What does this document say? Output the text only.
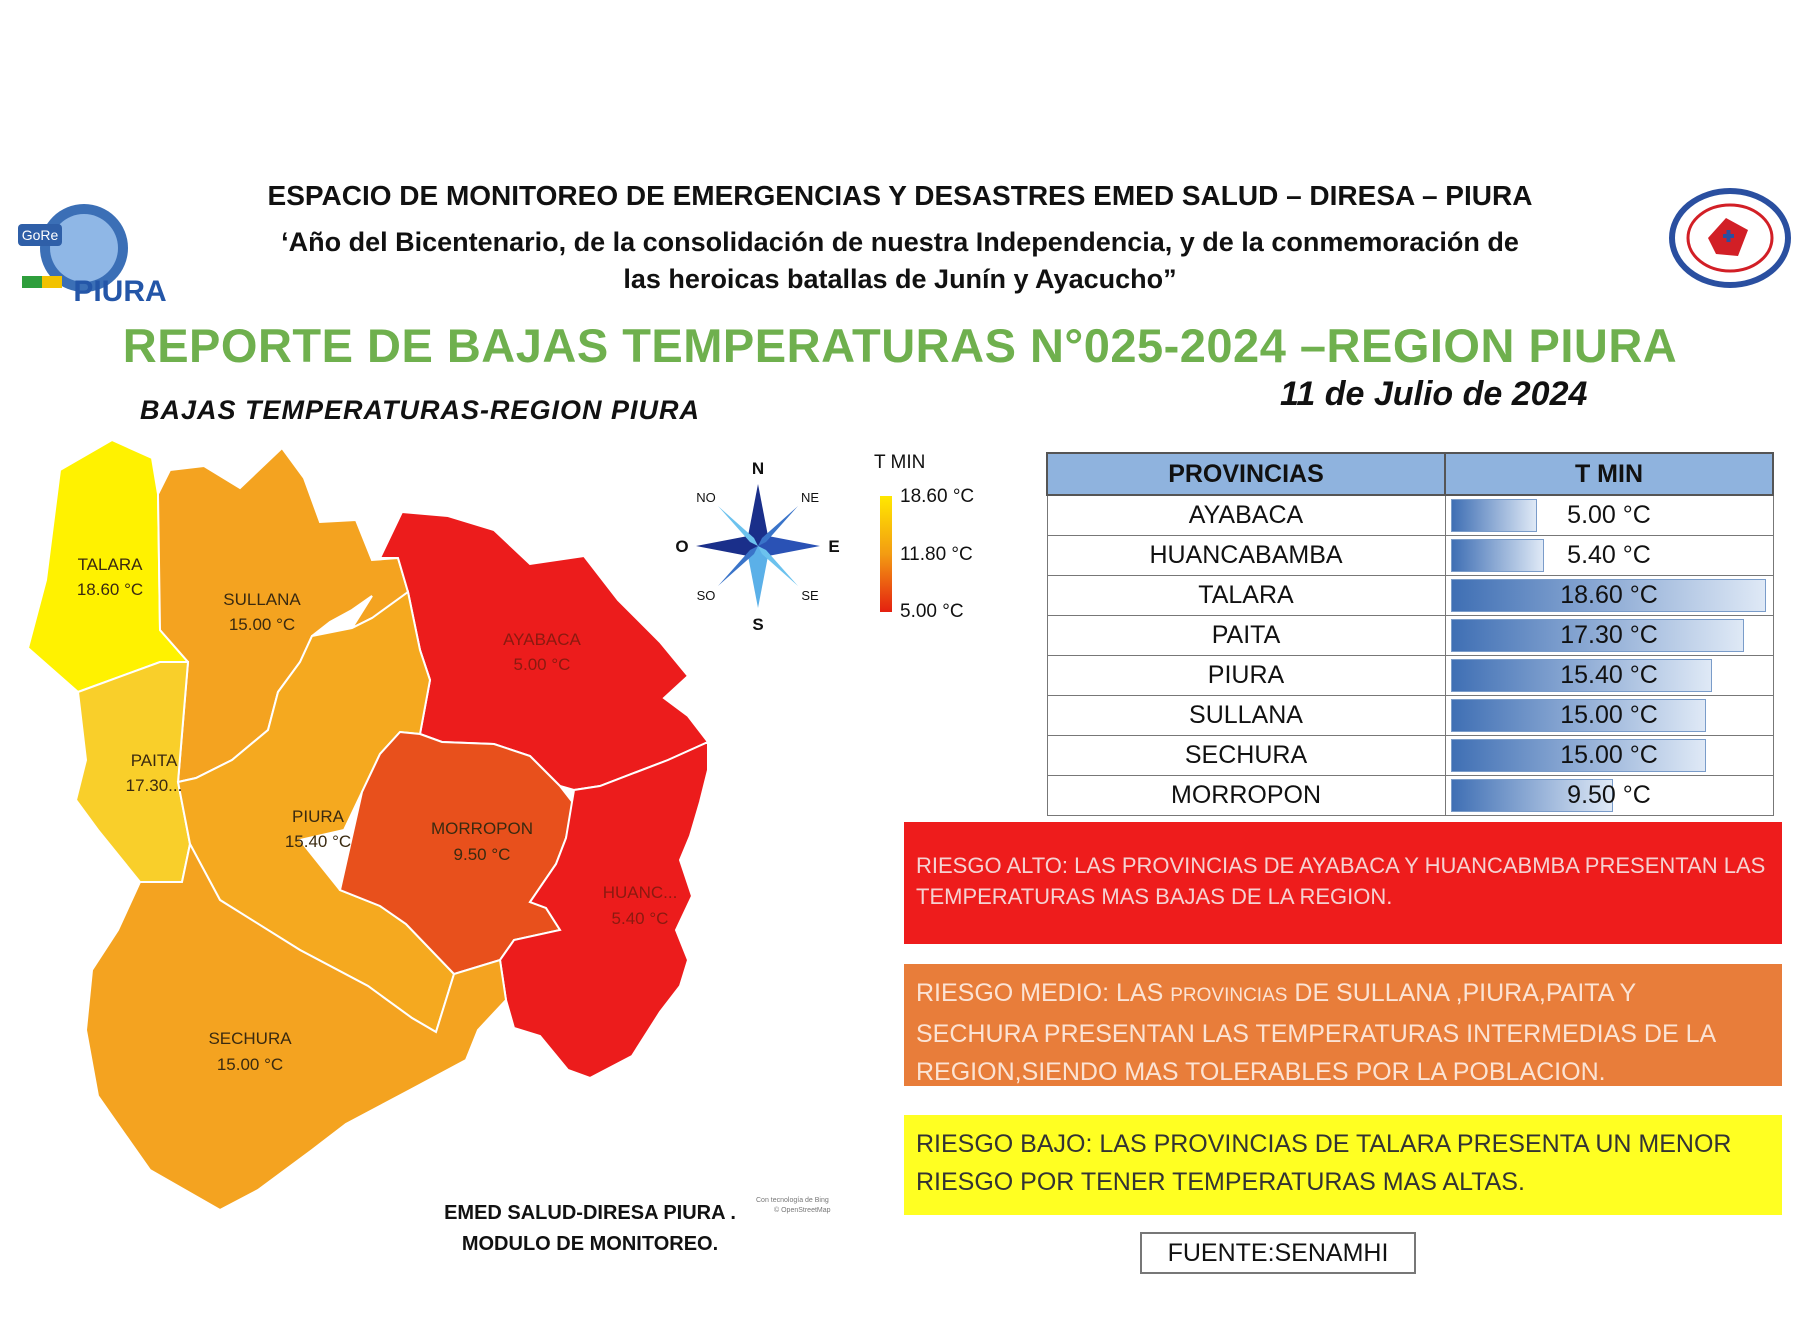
GoRe
PIURA
ESPACIO DE MONITOREO DE EMERGENCIAS Y DESASTRES EMED SALUD – DIRESA – PIURA
‘Año del Bicentenario, de la consolidación de nuestra Independencia, y de la conmemoración de
las heroicas batallas de Junín y Ayacucho”
REPORTE DE BAJAS TEMPERATURAS N°025-2024 –REGION PIURA
11 de Julio de 2024
BAJAS TEMPERATURAS-REGION PIURA
TALARA
18.60 °C
SULLANA
15.00 °C
AYABACA
5.00 °C
PAITA
17.30...
PIURA
15.40 °C
MORROPON
9.50 °C
HUANC...
5.40 °C
SECHURA
15.00 °C
N
S
E
O
NE
NO
SE
SO
T MIN
18.60 °C
11.80 °C
5.00 °C
PROVINCIAS	T MIN
AYABACA	5.00 °C
HUANCABAMBA	5.40 °C
TALARA	18.60 °C
PAITA	17.30 °C
PIURA	15.40 °C
SULLANA	15.00 °C
SECHURA	15.00 °C
MORROPON	9.50 °C
RIESGO ALTO: LAS PROVINCIAS DE AYABACA Y HUANCABMBA PRESENTAN LAS
TEMPERATURAS MAS BAJAS DE LA REGION.
RIESGO MEDIO: LAS PROVINCIAS DE SULLANA ,PIURA,PAITA Y
SECHURA PRESENTAN LAS TEMPERATURAS INTERMEDIAS DE LA
REGION,SIENDO MAS TOLERABLES POR LA POBLACION.
RIESGO BAJO: LAS PROVINCIAS DE TALARA PRESENTA UN MENOR
RIESGO POR TENER TEMPERATURAS MAS ALTAS.
FUENTE:SENAMHI
EMED SALUD-DIRESA PIURA .
MODULO DE MONITOREO.
Con tecnología de Bing
© OpenStreetMap
